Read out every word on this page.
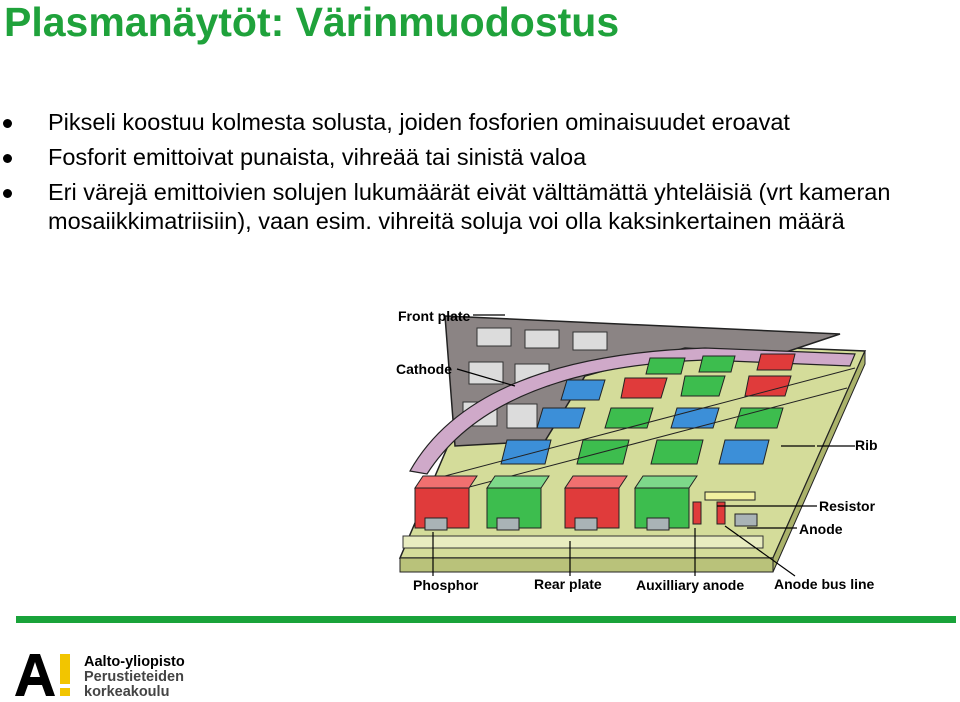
Plasmanäytöt: Värinmuodostus
Pikseli koostuu kolmesta solusta, joiden fosforien ominaisuudet eroavat
Fosforit emittoivat punaista, vihreää tai sinistä valoa
Eri värejä emittoivien solujen lukumäärät eivät välttämättä yhteläisiä (vrt kameran mosaiikkimatriisiin), vaan esim. vihreitä soluja voi olla kaksinkertainen määrä
Front plate
Cathode
Rib
Resistor
Anode
Phosphor	Rear plate Auxilliary anode Anode bus line
Aalto-yliopisto
Perustieteiden
korkeakoulu
